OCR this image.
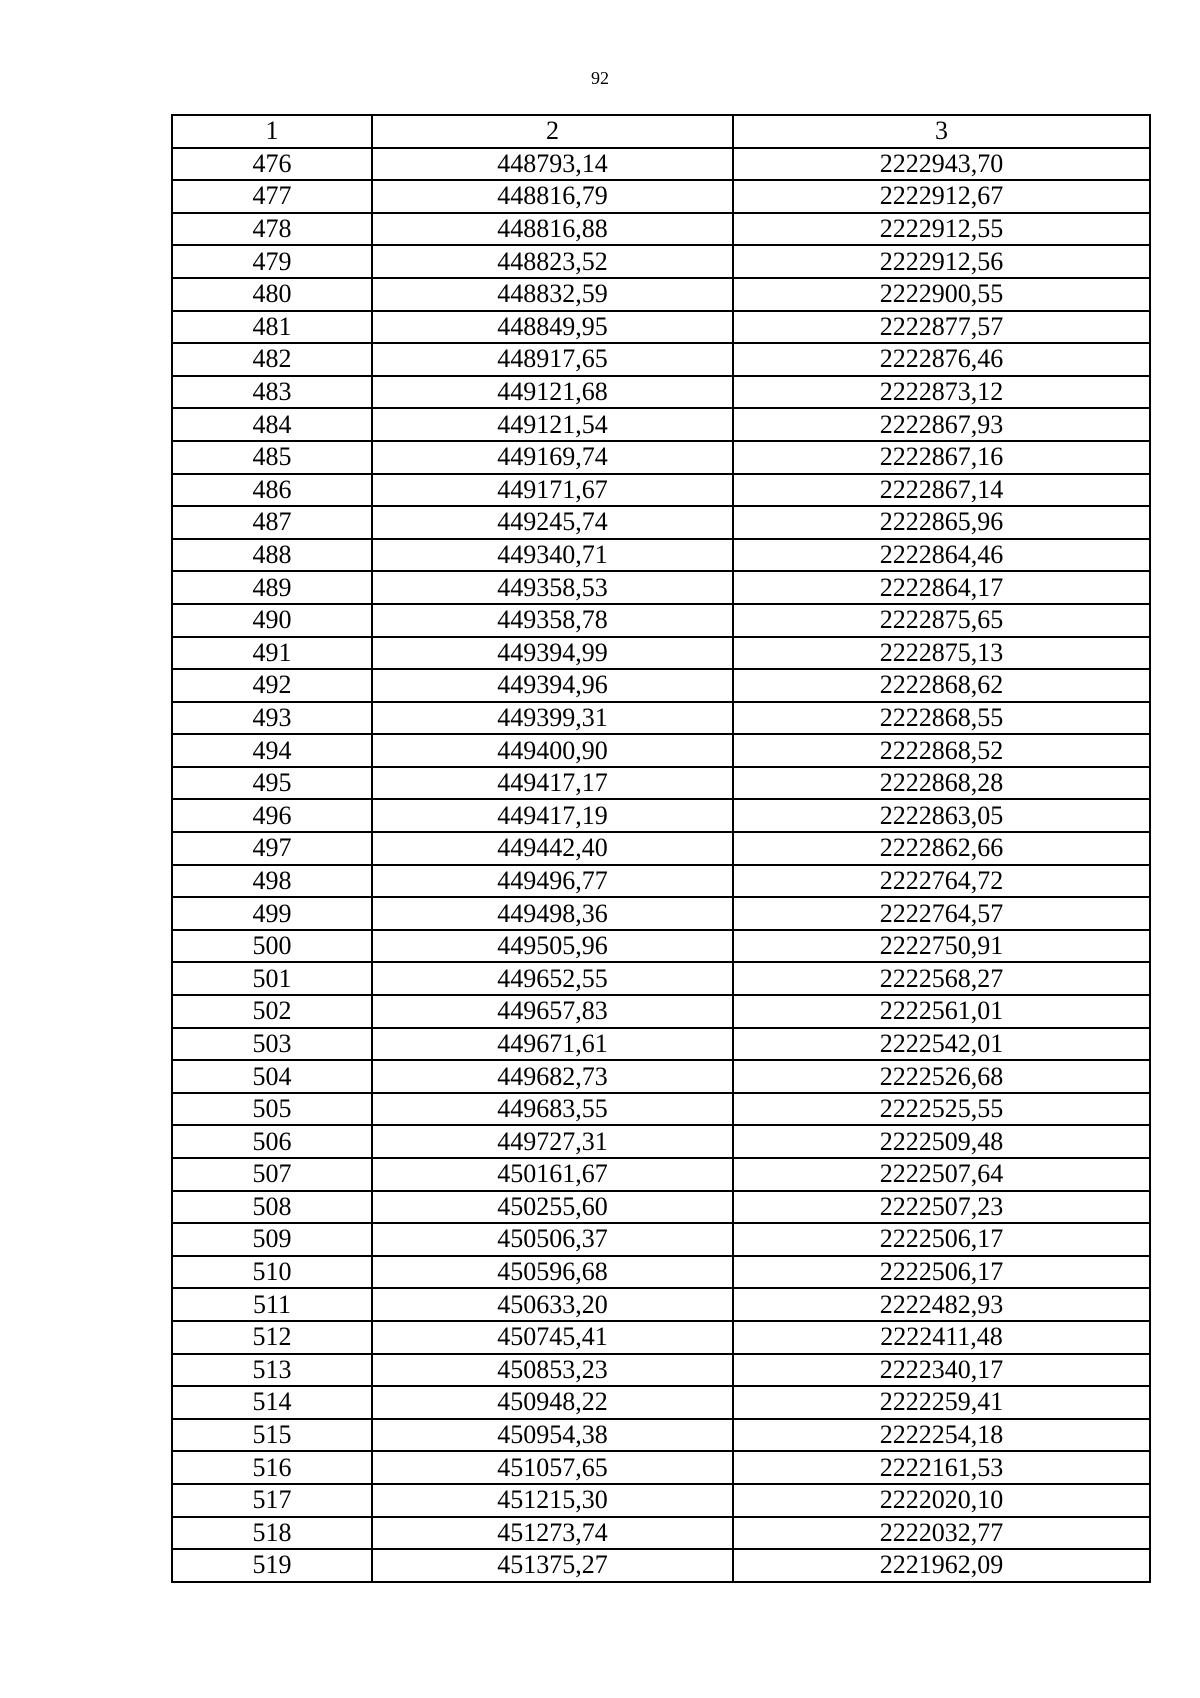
92
1	2	3
476	448793,14	2222943,70
477	448816,79	2222912,67
478	448816,88	2222912,55
479	448823,52	2222912,56
480	448832,59	2222900,55
481	448849,95	2222877,57
482	448917,65	2222876,46
483	449121,68	2222873,12
484	449121,54	2222867,93
485	449169,74	2222867,16
486	449171,67	2222867,14
487	449245,74	2222865,96
488	449340,71	2222864,46
489	449358,53	2222864,17
490	449358,78	2222875,65
491	449394,99	2222875,13
492	449394,96	2222868,62
493	449399,31	2222868,55
494	449400,90	2222868,52
495	449417,17	2222868,28
496	449417,19	2222863,05
497	449442,40	2222862,66
498	449496,77	2222764,72
499	449498,36	2222764,57
500	449505,96	2222750,91
501	449652,55	2222568,27
502	449657,83	2222561,01
503	449671,61	2222542,01
504	449682,73	2222526,68
505	449683,55	2222525,55
506	449727,31	2222509,48
507	450161,67	2222507,64
508	450255,60	2222507,23
509	450506,37	2222506,17
510	450596,68	2222506,17
511	450633,20	2222482,93
512	450745,41	2222411,48
513	450853,23	2222340,17
514	450948,22	2222259,41
515	450954,38	2222254,18
516	451057,65	2222161,53
517	451215,30	2222020,10
518	451273,74	2222032,77
519	451375,27	2221962,09
